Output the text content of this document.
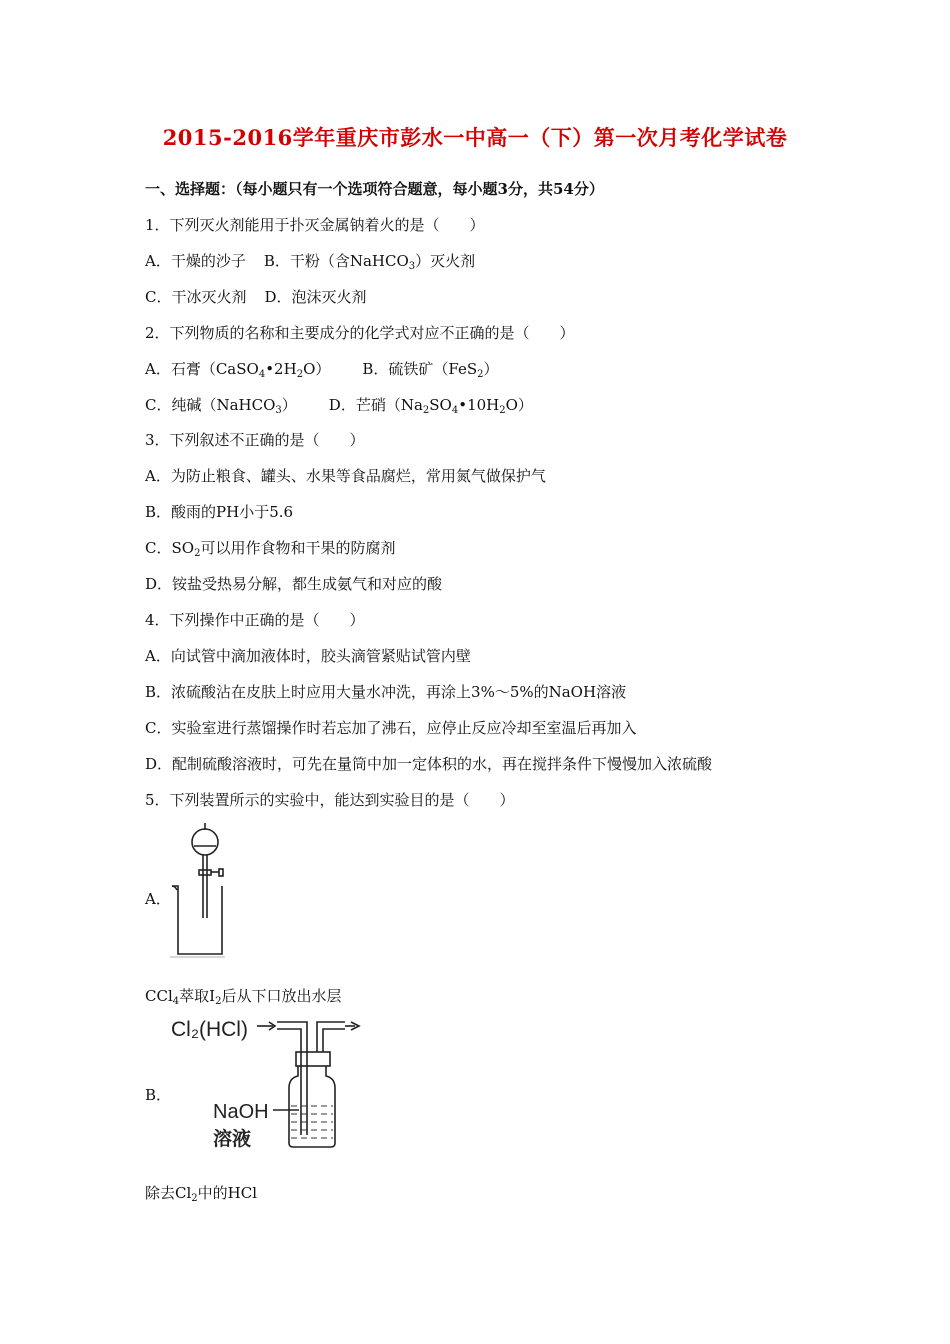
2015-2016学年重庆市彭水一中高一（下）第一次月考化学试卷
一、选择题：（每小题只有一个选项符合题意，每小题3分，共54分）
1．下列灭火剂能用于扑灭金属钠着火的是（　　）
A．干燥的沙子 B．干粉（含NaHCO$_3$）灭火剂
C．干冰灭火剂 D．泡沫灭火剂
2．下列物质的名称和主要成分的化学式对应不正确的是（　　）
A．石膏$(CaSO_4•2H_2O)$ B．硫铁矿（FeS$_2$）
C．纯碱（NaHCO$_3$） D．芒硝$(Na_2SO_4•10H_2O)$
3．下列叙述不正确的是（　　）
A．为防止粮食、罐头、水果等食品腐烂，常用氮气做保护气
B．酸雨的PH小于5.6
C．$SO_2$可以用作食物和干果的防腐剂
D．铵盐受热易分解，都生成氨气和对应的酸
4．下列操作中正确的是（　　）
A．向试管中滴加液体时，胶头滴管紧贴试管内壁
B．浓硫酸沾在皮肤上时应用大量水冲洗，再涂上3%～5%的NaOH溶液
C．实验室进行蒸馏操作时若忘加了沸石，应停止反应冷却至室温后再加入
D．配制硫酸溶液时，可先在量筒中加一定体积的水，再在搅拌条件下慢慢加入浓硫酸
5．下列装置所示的实验中，能达到实验目的是（　　）
A．
CCl$_4$萃取$I_2$后从下口放出水层
B．
Cl₂(HCl)
NaOH
溶液
除去$Cl_2$中的HCl
